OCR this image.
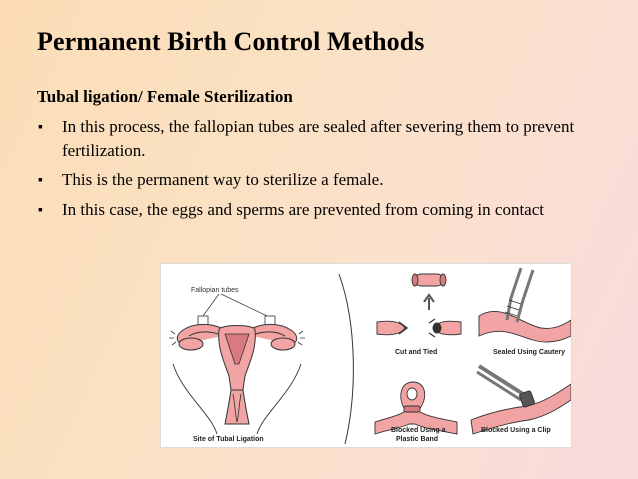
Permanent Birth Control Methods
Tubal ligation/ Female Sterilization
▪ In this process, the fallopian tubes are sealed after severing them to prevent fertilization.
▪ This is the permanent way to sterilize a female.
▪ In this case, the eggs and sperms are prevented from coming in contact
Fallopian tubes
Site of Tubal Ligation
Cut and Tied	Sealed Using Cautery
Blocked Using a
Plastic Band
Blocked Using a Clip
